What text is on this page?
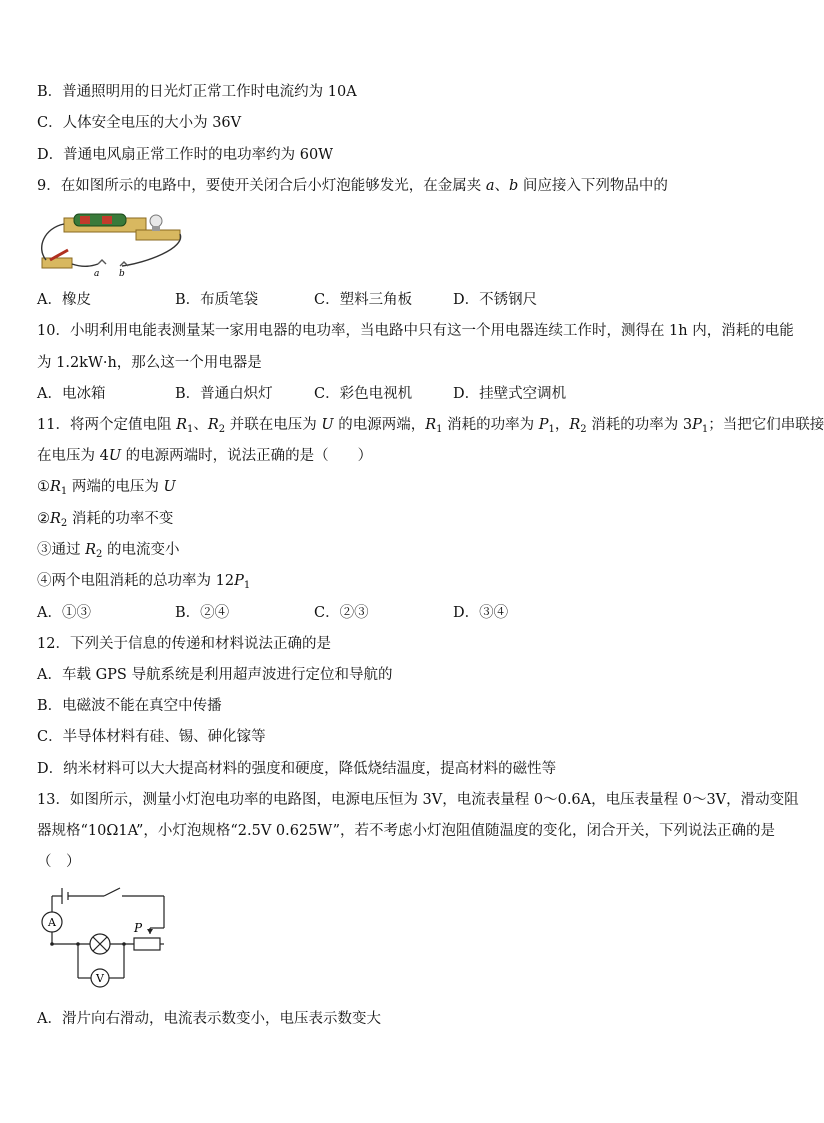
B．普通照明用的日光灯正常工作时电流约为 10A
C．人体安全电压的大小为 36V
D．普通电风扇正常工作时的电功率约为 60W
9．在如图所示的电路中，要使开关闭合后小灯泡能够发光，在金属夹 a、b 间应接入下列物品中的
a b
A．橡皮	B．布质笔袋	C．塑料三角板	D．不锈钢尺
10．小明利用电能表测量某一家用电器的电功率，当电路中只有这一个用电器连续工作时，测得在 1h 内，消耗的电能
为 1.2kW·h，那么这一个用电器是
A．电冰箱	B．普通白炽灯	C．彩色电视机	D．挂壁式空调机
11．将两个定值电阻 $R_1$、$R_2$ 并联在电压为 U 的电源两端，$R_1$ 消耗的功率为 $P_1$，$R_2$ 消耗的功率为 $3P_1$；当把它们串联接
在电压为 4U 的电源两端时，说法正确的是（　　）
$①R_1$ 两端的电压为 U
$②R_2$ 消耗的功率不变
③通过 $R_2$ 的电流变小
④两个电阻消耗的总功率为 $12P_1$
A．①③	B．②④	C．②③	D．③④
12．下列关于信息的传递和材料说法正确的是
A．车载 GPS 导航系统是利用超声波进行定位和导航的
B．电磁波不能在真空中传播
C．半导体材料有硅、锡、砷化镓等
D．纳米材料可以大大提高材料的强度和硬度，降低烧结温度，提高材料的磁性等
13．如图所示，测量小灯泡电功率的电路图，电源电压恒为 3V，电流表量程 0～0.6A，电压表量程 0～3V，滑动变阻
器规格“10Ω1A”，小灯泡规格“2.5V 0.625W”，若不考虑小灯泡阻值随温度的变化，闭合开关，下列说法正确的是
（　）
A
V
P
A．滑片向右滑动，电流表示数变小，电压表示数变大
